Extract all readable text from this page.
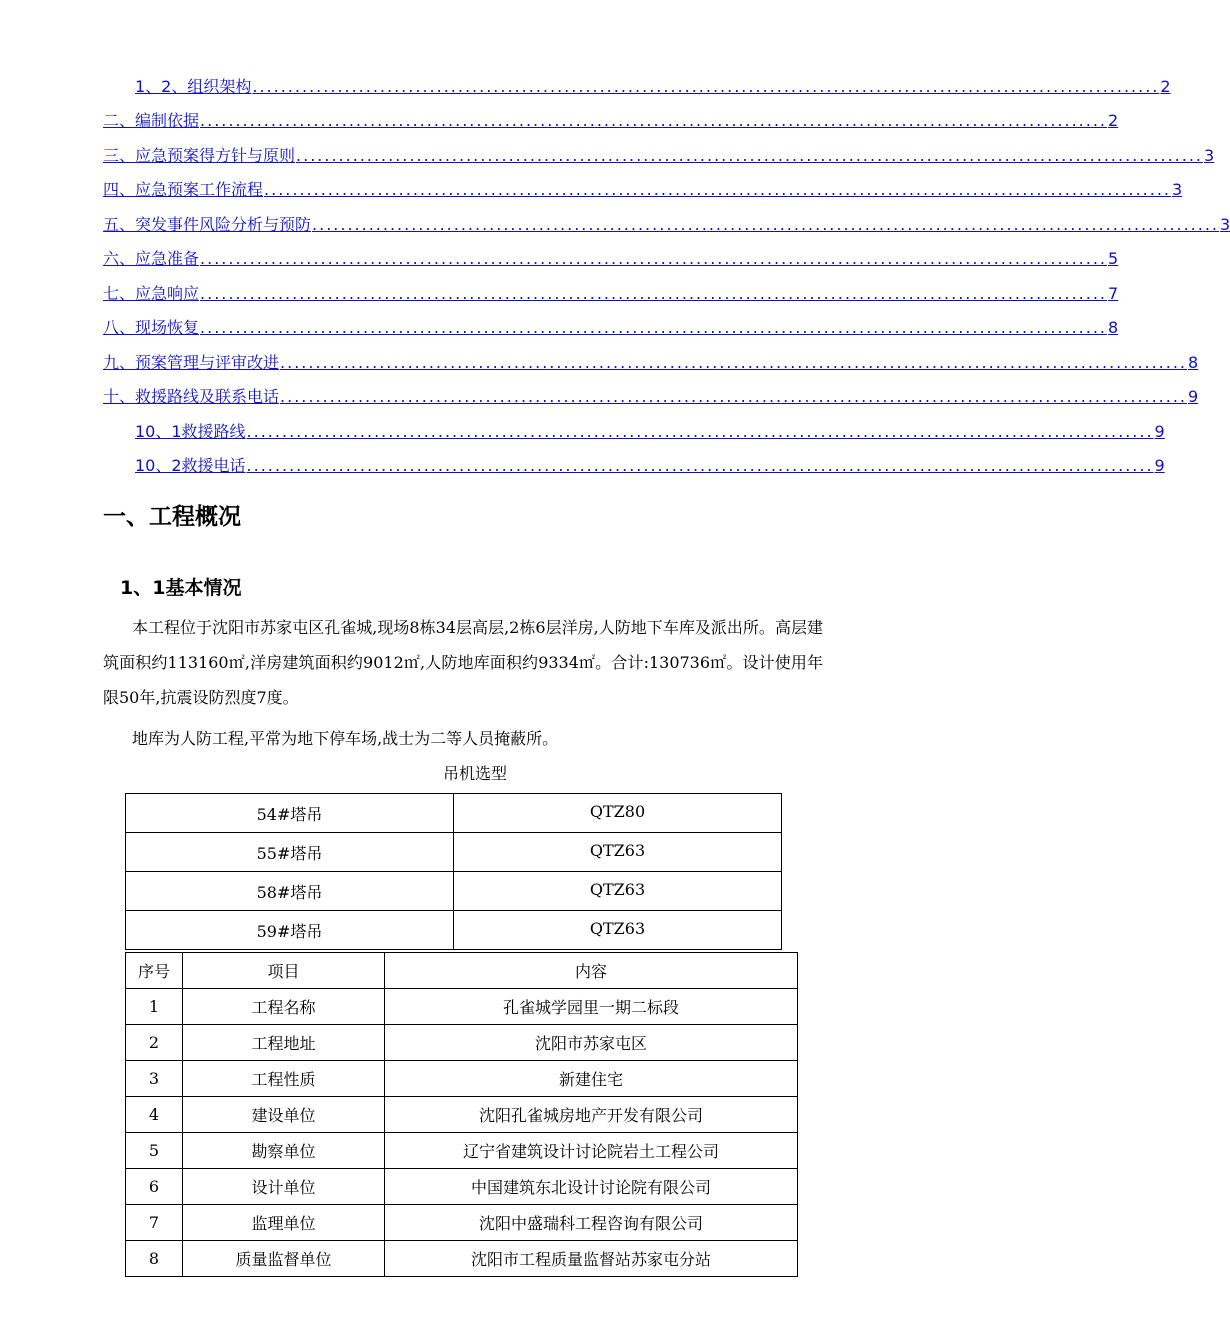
1、2、组织架构 ................................................................................................................................ 2
二、编制依据 ................................................................................................................................ 2
三、应急预案得方针与原则 ................................................................................................................................ 3
四、应急预案工作流程 ................................................................................................................................ 3
五、突发事件风险分析与预防 ................................................................................................................................ 3
六、应急准备 ................................................................................................................................ 5
七、应急响应 ................................................................................................................................ 7
八、现场恢复 ................................................................................................................................ 8
九、预案管理与评审改进 ................................................................................................................................ 8
十、救援路线及联系电话 ................................................................................................................................ 9
10、1救援路线 ................................................................................................................................ 9
10、2救援电话 ................................................................................................................................ 9
一、工程概况
1、1基本情况
本工程位于沈阳市苏家屯区孔雀城,现场8栋34层高层,2栋6层洋房,人防地下车库及派出所。高层建筑面积约113160㎡,洋房建筑面积约9012㎡,人防地库面积约9334㎡。合计:130736㎡。设计使用年限50年,抗震设防烈度7度。
地库为人防工程,平常为地下停车场,战士为二等人员掩蔽所。
吊机选型
54#塔吊	QTZ80
55#塔吊	QTZ63
58#塔吊	QTZ63
59#塔吊	QTZ63
序号	项目	内容
1	工程名称	孔雀城学园里一期二标段
2	工程地址	沈阳市苏家屯区
3	工程性质	新建住宅
4	建设单位	沈阳孔雀城房地产开发有限公司
5	勘察单位	辽宁省建筑设计讨论院岩土工程公司
6	设计单位	中国建筑东北设计讨论院有限公司
7	监理单位	沈阳中盛瑞科工程咨询有限公司
8	质量监督单位	沈阳市工程质量监督站苏家屯分站
